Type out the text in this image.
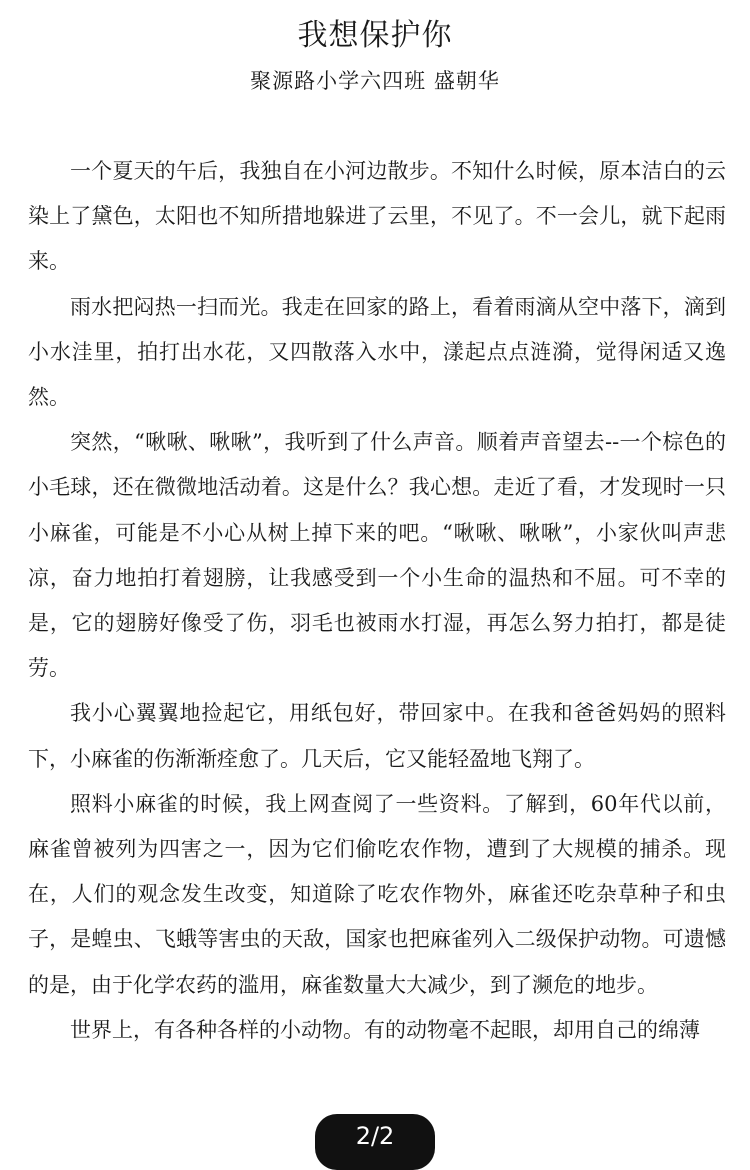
我想保护你
聚源路小学六四班 盛朝华

一个夏天的午后，我独自在小河边散步。不知什么时候，原本洁白的云染上了黛色，太阳也不知所措地躲进了云里，不见了。不一会儿，就下起雨来。

雨水把闷热一扫而光。我走在回家的路上，看着雨滴从空中落下，滴到小水洼里，拍打出水花，又四散落入水中，漾起点点涟漪，觉得闲适又逸然。

突然，“啾啾、啾啾”，我听到了什么声音。顺着声音望去--一个棕色的小毛球，还在微微地活动着。这是什么？我心想。走近了看，才发现时一只小麻雀，可能是不小心从树上掉下来的吧。“啾啾、啾啾”，小家伙叫声悲凉，奋力地拍打着翅膀，让我感受到一个小生命的温热和不屈。可不幸的是，它的翅膀好像受了伤，羽毛也被雨水打湿，再怎么努力拍打，都是徒劳。

我小心翼翼地捡起它，用纸包好，带回家中。在我和爸爸妈妈的照料下，小麻雀的伤渐渐痊愈了。几天后，它又能轻盈地飞翔了。

照料小麻雀的时候，我上网查阅了一些资料。了解到，60年代以前，麻雀曾被列为四害之一，因为它们偷吃农作物，遭到了大规模的捕杀。现在，人们的观念发生改变，知道除了吃农作物外，麻雀还吃杂草种子和虫子，是蝗虫、飞蛾等害虫的天敌，国家也把麻雀列入二级保护动物。可遗憾的是，由于化学农药的滥用，麻雀数量大大减少，到了濒危的地步。

世界上，有各种各样的小动物。有的动物毫不起眼，却用自己的绵薄

2/2
